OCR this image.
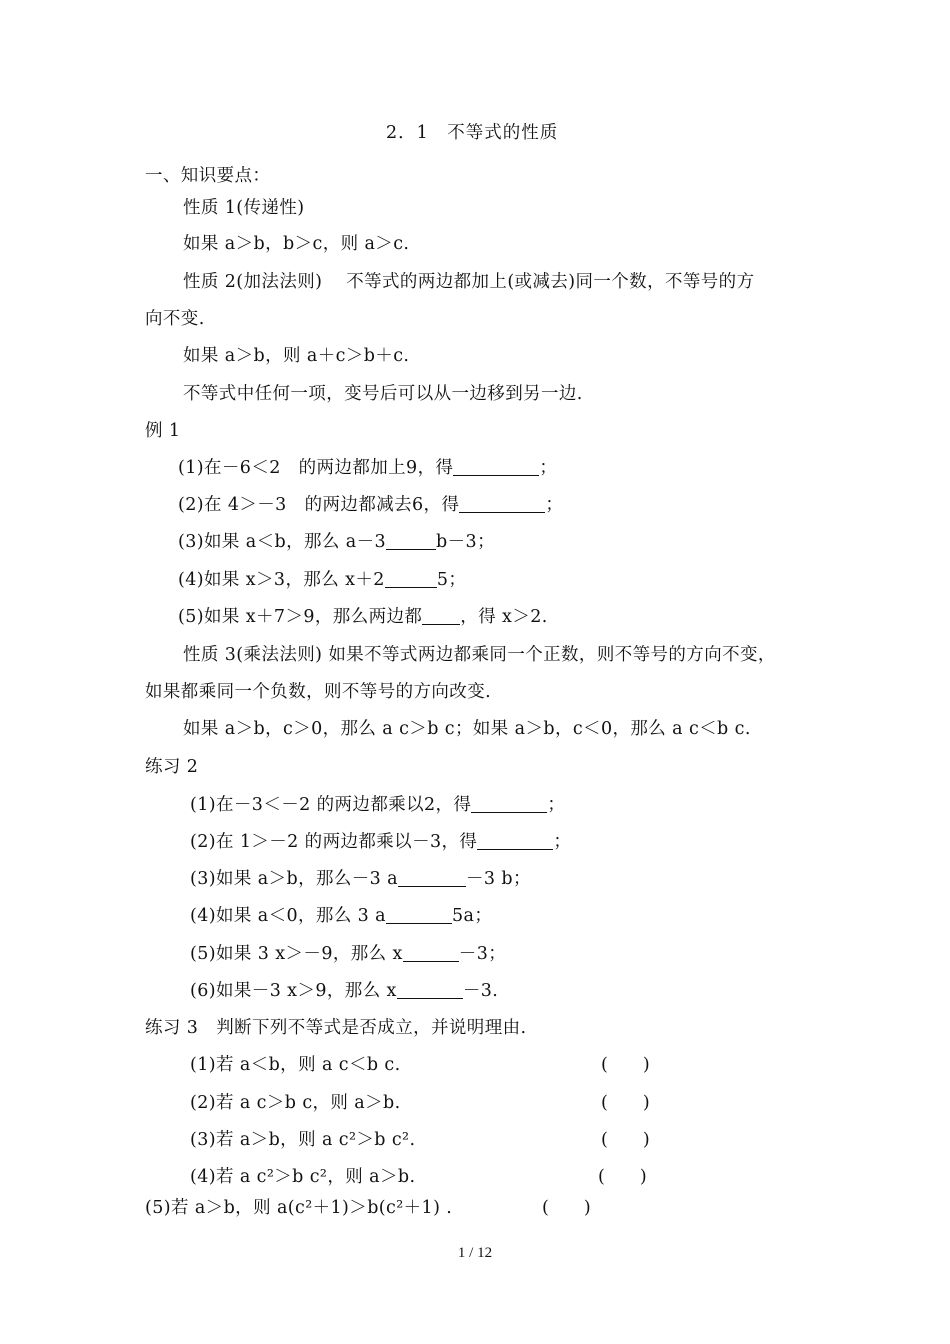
2．1　不等式的性质
一、知识要点：
性质 1(传递性)
如果 a＞b，b＞c，则 a＞c.
性质 2(加法法则)　 不等式的两边都加上(或减去)同一个数，不等号的方
向不变.
如果 a＞b，则 a＋c＞b＋c.
不等式中任何一项，变号后可以从一边移到另一边.
例 1
(1)在－6＜2　的两边都加上9，得	；
(2)在 4＞－3　的两边都减去6，得	；
(3)如果 a＜b，那么 a－3	b－3；
(4)如果 x＞3，那么 x＋2	5；
(5)如果 x＋7＞9，那么两边都 ，得 x＞2.
性质 3(乘法法则) 如果不等式两边都乘同一个正数，则不等号的方向不变，
如果都乘同一个负数，则不等号的方向改变.
如果 a＞b，c＞0，那么 a c＞b c；如果 a＞b，c＜0，那么 a c＜b c.
练习 2
(1)在－3＜－2 的两边都乘以2，得	；
(2)在 1＞－2 的两边都乘以－3，得	；
(3)如果 a＞b，那么－3 a	－3 b；
(4)如果 a＜0，那么 3 a	5a；
(5)如果 3 x＞－9，那么 x	－3；
(6)如果－3 x＞9，那么 x	－3.
练习 3　判断下列不等式是否成立，并说明理由.
(1)若 a＜b，则 a c＜b c.	(　　)
(2)若 a c＞b c，则 a＞b.	(　　)
(3)若 a＞b，则 a c²＞b c².	(　　)
(4)若 a c²＞b c²，则 a＞b.	(　　)
(5)若 a＞b，则 a(c²＋1)＞b(c²＋1) .	(　　)
1 / 12
